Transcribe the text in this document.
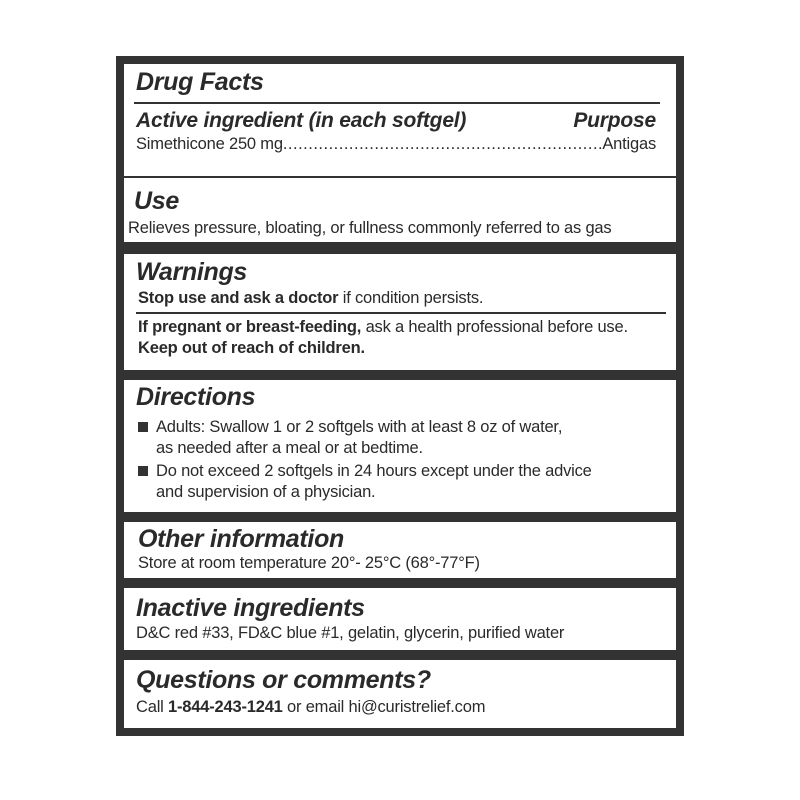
Drug Facts
Active ingredient (in each softgel)	Purpose
Simethicone 250 mg
.....	Antigas
Use
Relieves pressure, bloating, or fullness commonly referred to as gas
Warnings
Stop use and ask a doctor if condition persists.
If pregnant or breast-feeding, ask a health professional before use.
Keep out of reach of children.
Directions
Adults: Swallow 1 or 2 softgels with at least 8 oz of water,
as needed after a meal or at bedtime.
Do not exceed 2 softgels in 24 hours except under the advice
and supervision of a physician.
Other information
Store at room temperature 20°- 25°C (68°-77°F)
Inactive ingredients
D&C red #33, FD&C blue #1, gelatin, glycerin, purified water
Questions or comments?
Call 1-844-243-1241 or email hi@curistrelief.com
